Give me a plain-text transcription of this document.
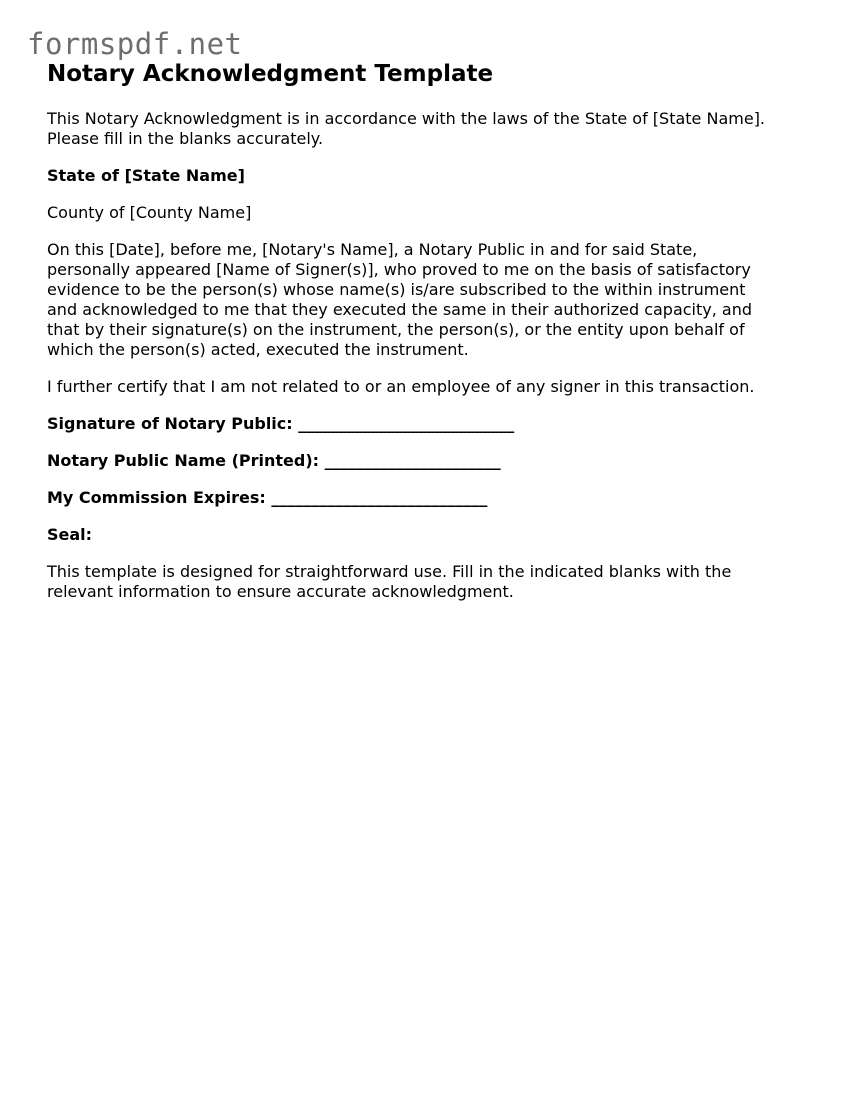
formspdf.net
Notary Acknowledgment Template

This Notary Acknowledgment is in accordance with the laws of the State of [State Name].
Please fill in the blanks accurately.

State of [State Name]

County of [County Name]

On this [Date], before me, [Notary's Name], a Notary Public in and for said State,
personally appeared [Name of Signer(s)], who proved to me on the basis of satisfactory
evidence to be the person(s) whose name(s) is/are subscribed to the within instrument
and acknowledged to me that they executed the same in their authorized capacity, and
that by their signature(s) on the instrument, the person(s), or the entity upon behalf of
which the person(s) acted, executed the instrument.

I further certify that I am not related to or an employee of any signer in this transaction.

Signature of Notary Public: ___________________________

Notary Public Name (Printed): ______________________

My Commission Expires: ___________________________

Seal:

This template is designed for straightforward use. Fill in the indicated blanks with the
relevant information to ensure accurate acknowledgment.
